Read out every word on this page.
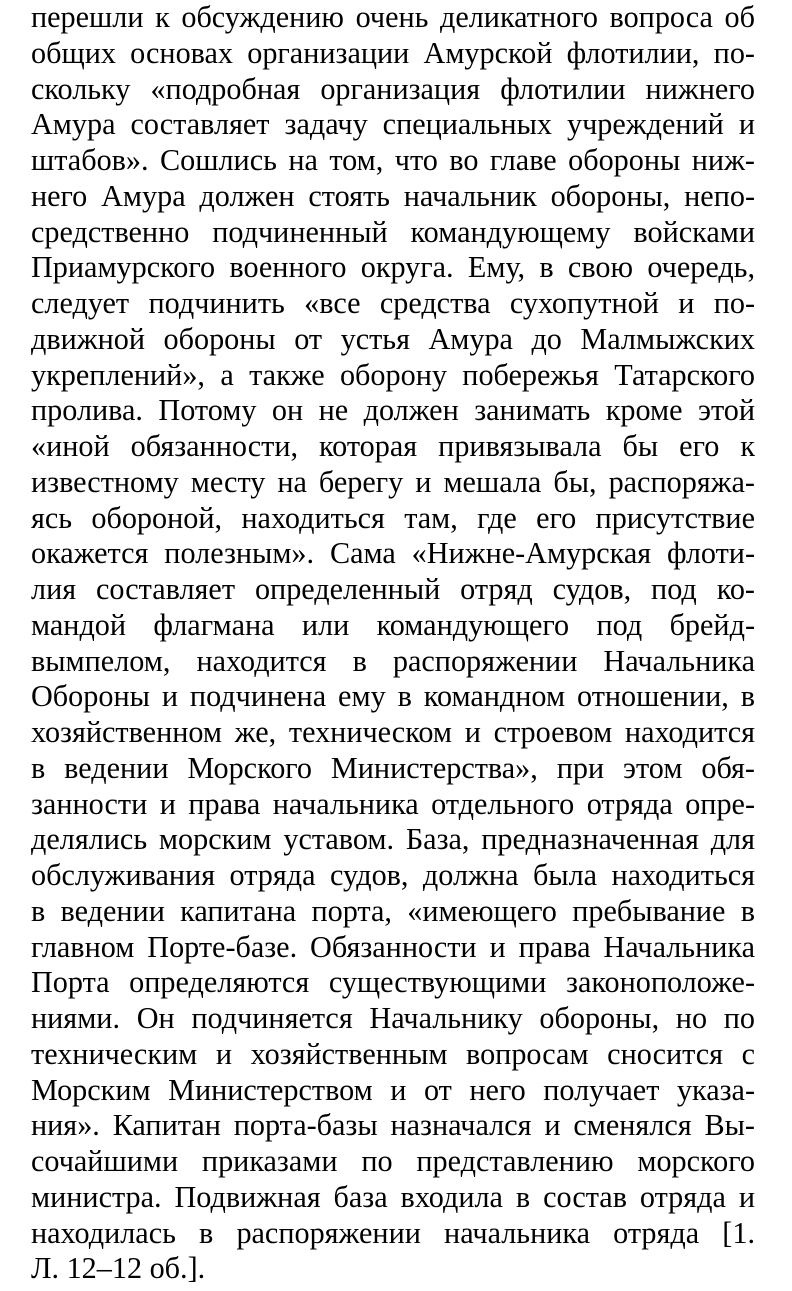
перешли к обсуждению очень деликатного вопроса об
общих основах организации Амурской флотилии, по-
скольку «подробная организация флотилии нижнего
Амура составляет задачу специальных учреждений и
штабов». Сошлись на том, что во главе обороны ниж-
него Амура должен стоять начальник обороны, непо-
средственно подчиненный командующему войсками
Приамурского военного округа. Ему, в свою очередь,
следует подчинить «все средства сухопутной и по-
движной обороны от устья Амура до Малмыжских
укреплений», а также оборону побережья Татарского
пролива. Потому он не должен занимать кроме этой
«иной обязанности, которая привязывала бы его к
известному месту на берегу и мешала бы, распоряжа-
ясь обороной, находиться там, где его присутствие
окажется полезным». Сама «Нижне-Амурская флоти-
лия составляет определенный отряд судов, под ко-
мандой флагмана или командующего под брейд-
вымпелом, находится в распоряжении Начальника
Обороны и подчинена ему в командном отношении, в
хозяйственном же, техническом и строевом находится
в ведении Морского Министерства», при этом обя-
занности и права начальника отдельного отряда опре-
делялись морским уставом. База, предназначенная для
обслуживания отряда судов, должна была находиться
в ведении капитана порта, «имеющего пребывание в
главном Порте-базе. Обязанности и права Начальника
Порта определяются существующими законоположе-
ниями. Он подчиняется Начальнику обороны, но по
техническим и хозяйственным вопросам сносится с
Морским Министерством и от него получает указа-
ния». Капитан порта-базы назначался и сменялся Вы-
сочайшими приказами по представлению морского
министра. Подвижная база входила в состав отряда и
находилась в распоряжении начальника отряда [1.
Л. 12–12 об.].
